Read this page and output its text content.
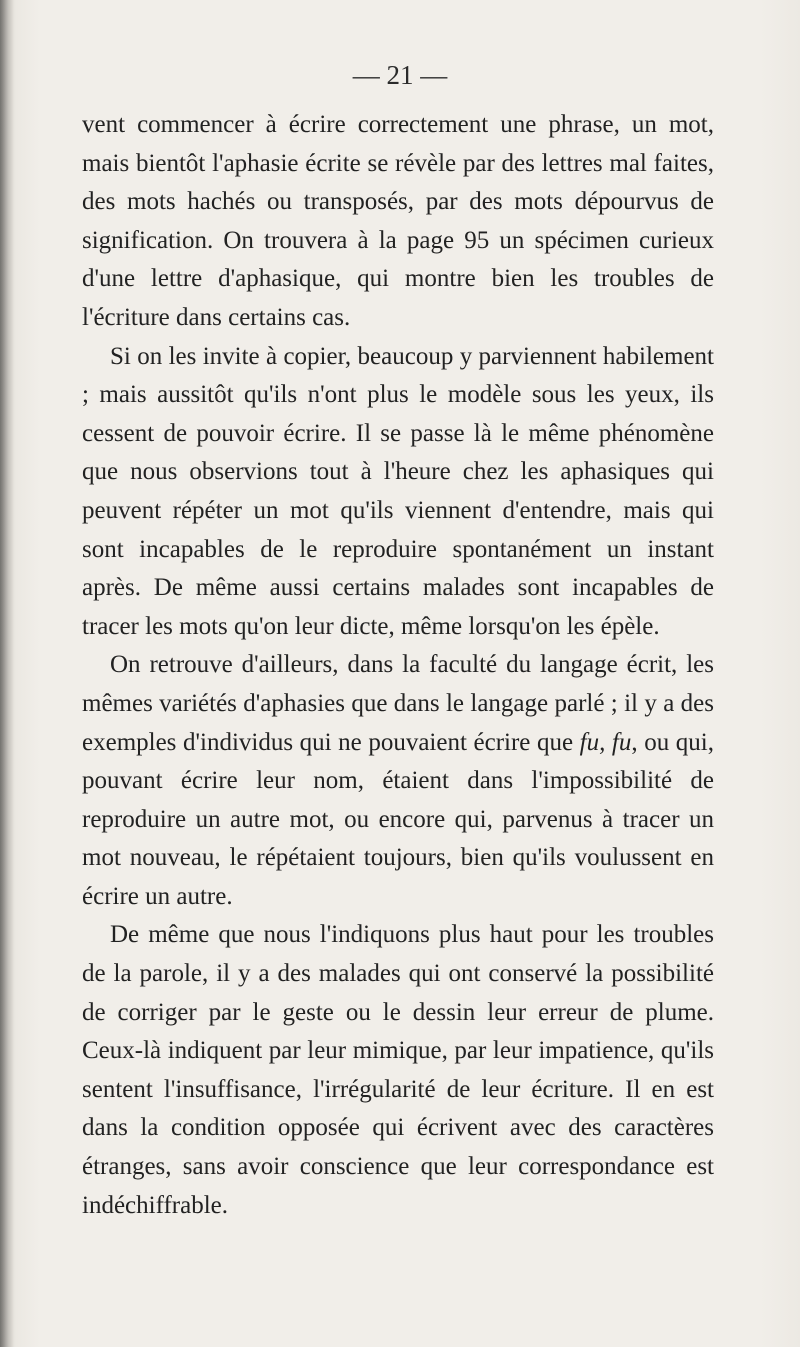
— 21 —

vent commencer à écrire correctement une phrase, un mot, mais bientôt l'aphasie écrite se révèle par des lettres mal faites, des mots hachés ou transposés, par des mots dépourvus de signification. On trouvera à la page 95 un spécimen curieux d'une lettre d'aphasique, qui montre bien les troubles de l'écriture dans certains cas.

Si on les invite à copier, beaucoup y parviennent habilement ; mais aussitôt qu'ils n'ont plus le modèle sous les yeux, ils cessent de pouvoir écrire. Il se passe là le même phénomène que nous observions tout à l'heure chez les aphasiques qui peuvent répéter un mot qu'ils viennent d'entendre, mais qui sont incapables de le reproduire spontanément un instant après. De même aussi certains malades sont incapables de tracer les mots qu'on leur dicte, même lorsqu'on les épèle.

On retrouve d'ailleurs, dans la faculté du langage écrit, les mêmes variétés d'aphasies que dans le langage parlé ; il y a des exemples d'individus qui ne pouvaient écrire que fu, fu, ou qui, pouvant écrire leur nom, étaient dans l'impossibilité de reproduire un autre mot, ou encore qui, parvenus à tracer un mot nouveau, le répétaient toujours, bien qu'ils voulussent en écrire un autre.

De même que nous l'indiquons plus haut pour les troubles de la parole, il y a des malades qui ont conservé la possibilité de corriger par le geste ou le dessin leur erreur de plume. Ceux-là indiquent par leur mimique, par leur impatience, qu'ils sentent l'insuffisance, l'irrégularité de leur écriture. Il en est dans la condition opposée qui écrivent avec des caractères étranges, sans avoir conscience que leur correspondance est indéchiffrable.
